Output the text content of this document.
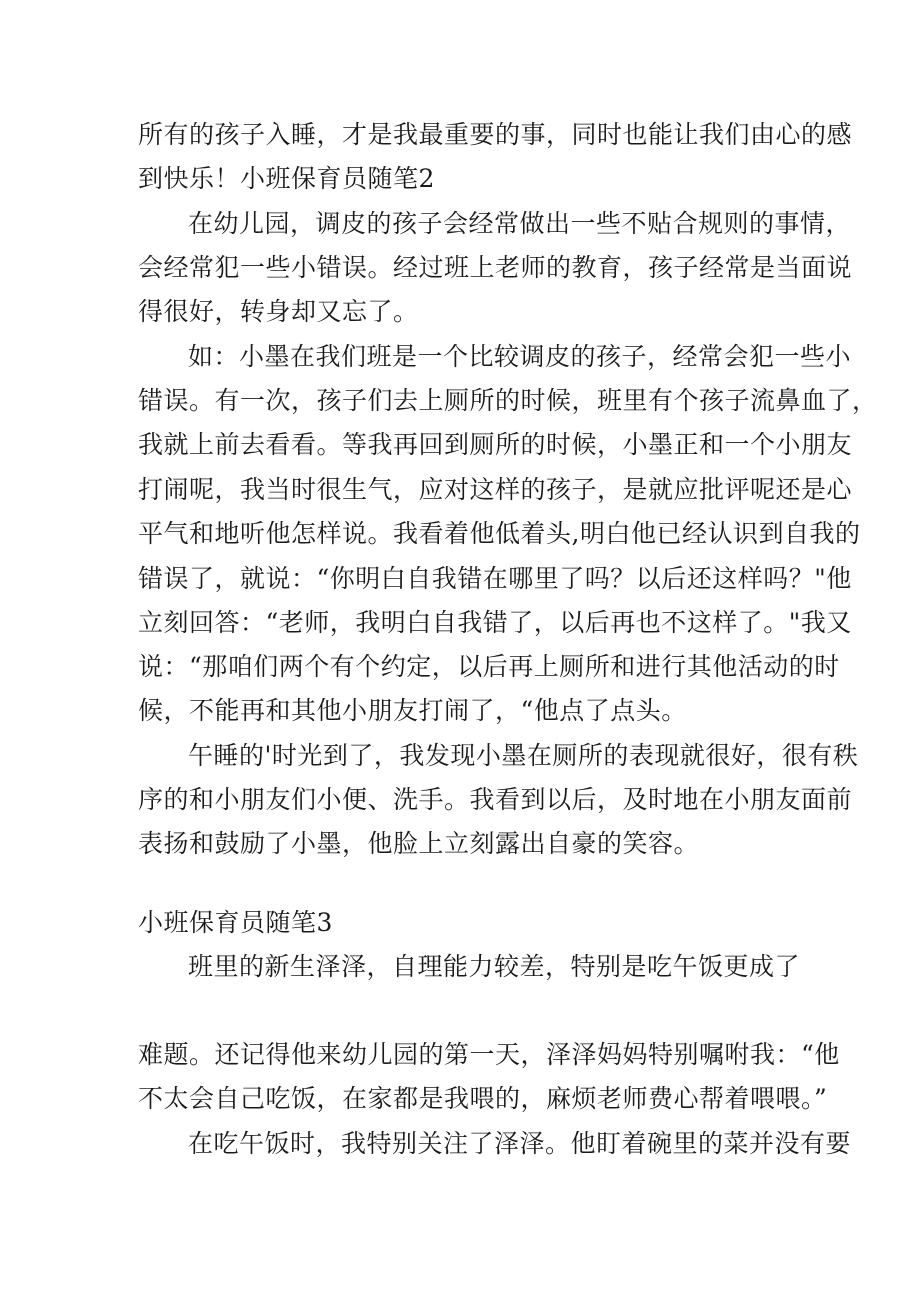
所有的孩子入睡，才是我最重要的事，同时也能让我们由心的感
到快乐！小班保育员随笔2
在幼儿园，调皮的孩子会经常做出一些不贴合规则的事情，
会经常犯一些小错误。经过班上老师的教育，孩子经常是当面说
得很好，转身却又忘了。
如：小墨在我们班是一个比较调皮的孩子，经常会犯一些小
错误。有一次，孩子们去上厕所的时候，班里有个孩子流鼻血了，
我就上前去看看。等我再回到厕所的时候，小墨正和一个小朋友
打闹呢，我当时很生气，应对这样的孩子，是就应批评呢还是心
平气和地听他怎样说。我看着他低着头,明白他已经认识到自我的
错误了，就说：“你明白自我错在哪里了吗？以后还这样吗？"他
立刻回答：“老师，我明白自我错了，以后再也不这样了。"我又
说：“那咱们两个有个约定，以后再上厕所和进行其他活动的时
候，不能再和其他小朋友打闹了，“他点了点头。
午睡的'时光到了，我发现小墨在厕所的表现就很好，很有秩
序的和小朋友们小便、洗手。我看到以后，及时地在小朋友面前
表扬和鼓励了小墨，他脸上立刻露出自豪的笑容。
小班保育员随笔3
班里的新生泽泽，自理能力较差，特别是吃午饭更成了
难题。还记得他来幼儿园的第一天，泽泽妈妈特别嘱咐我：“他
不太会自己吃饭，在家都是我喂的，麻烦老师费心帮着喂喂。”
在吃午饭时，我特别关注了泽泽。他盯着碗里的菜并没有要
